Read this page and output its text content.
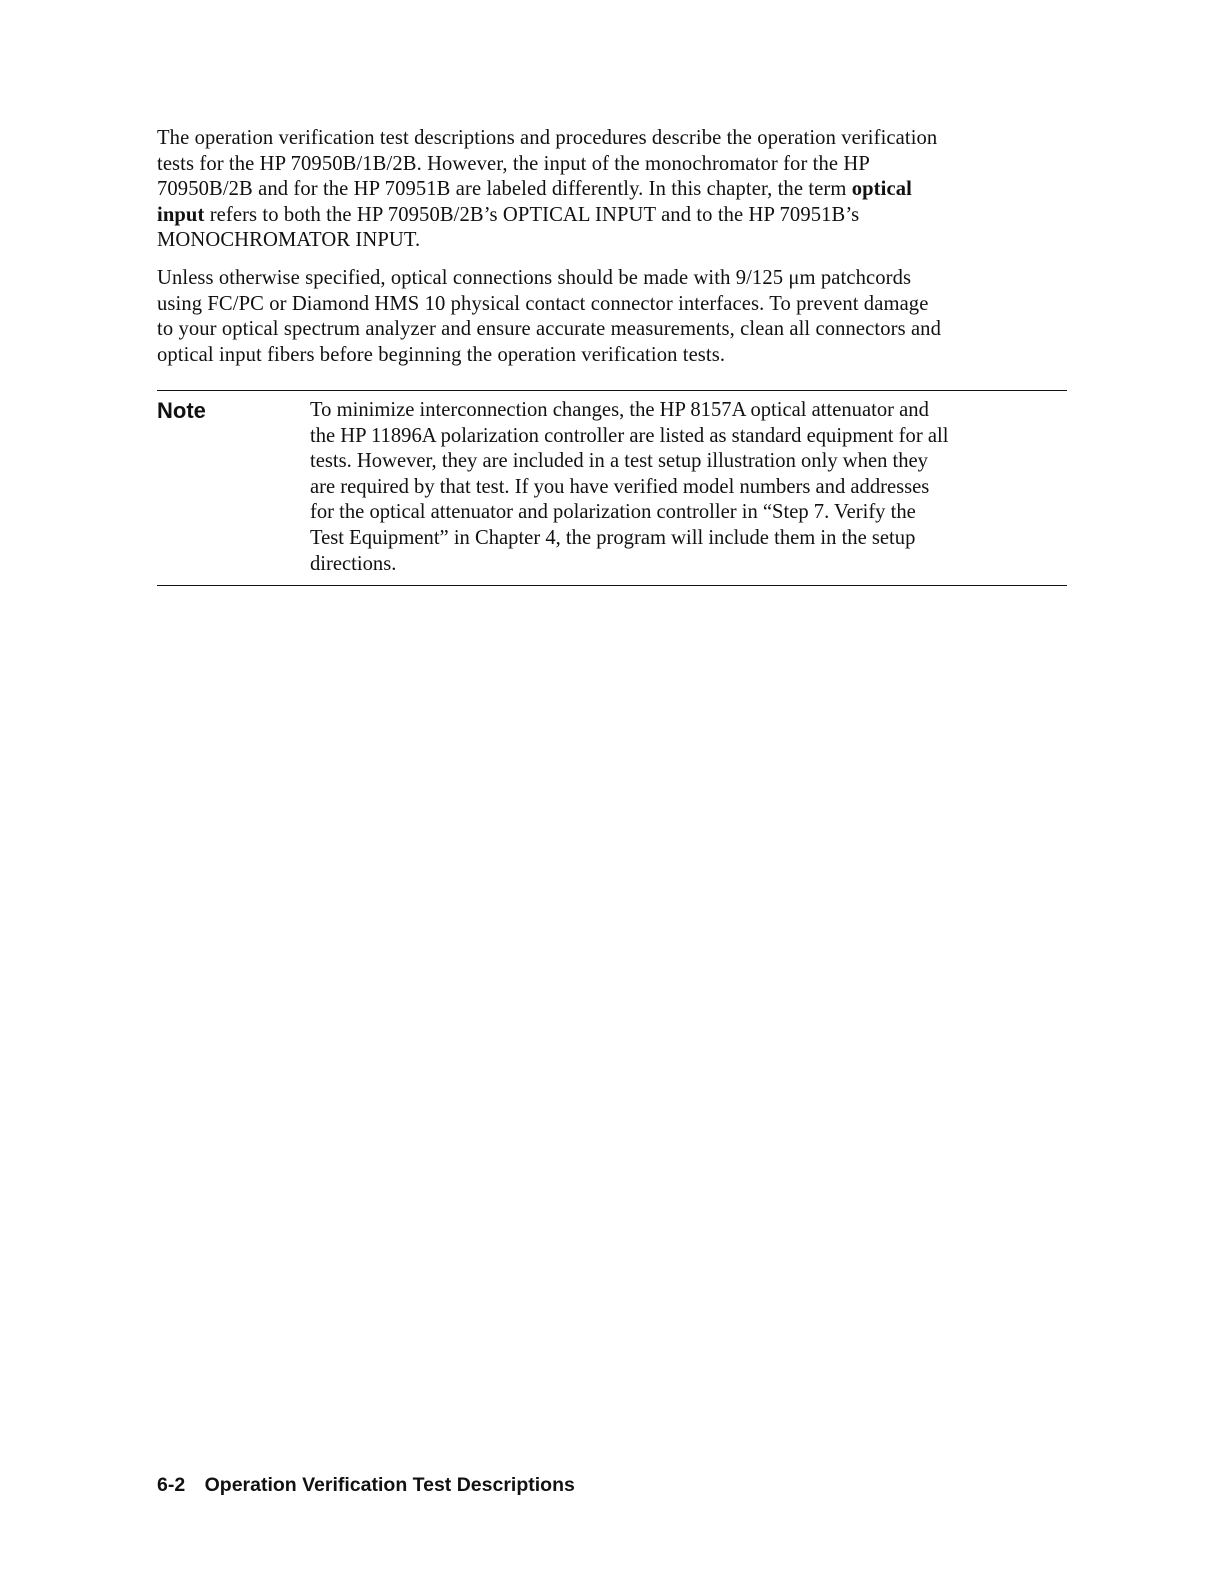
The operation verification test descriptions and procedures describe the operation verification
tests for the HP 70950B/1B/2B. However, the input of the monochromator for the HP
70950B/2B and for the HP 70951B are labeled differently. In this chapter, the term optical
input refers to both the HP 70950B/2B’s OPTICAL INPUT and to the HP 70951B’s
MONOCHROMATOR INPUT.

Unless otherwise specified, optical connections should be made with 9/125 μm patchcords
using FC/PC or Diamond HMS 10 physical contact connector interfaces. To prevent damage
to your optical spectrum analyzer and ensure accurate measurements, clean all connectors and
optical input fibers before beginning the operation verification tests.

Note	To minimize interconnection changes, the HP 8157A optical attenuator and
the HP 11896A polarization controller are listed as standard equipment for all
tests. However, they are included in a test setup illustration only when they
are required by that test. If you have verified model numbers and addresses
for the optical attenuator and polarization controller in “Step 7. Verify the
Test Equipment” in Chapter 4, the program will include them in the setup
directions.

6-2 Operation Verification Test Descriptions
